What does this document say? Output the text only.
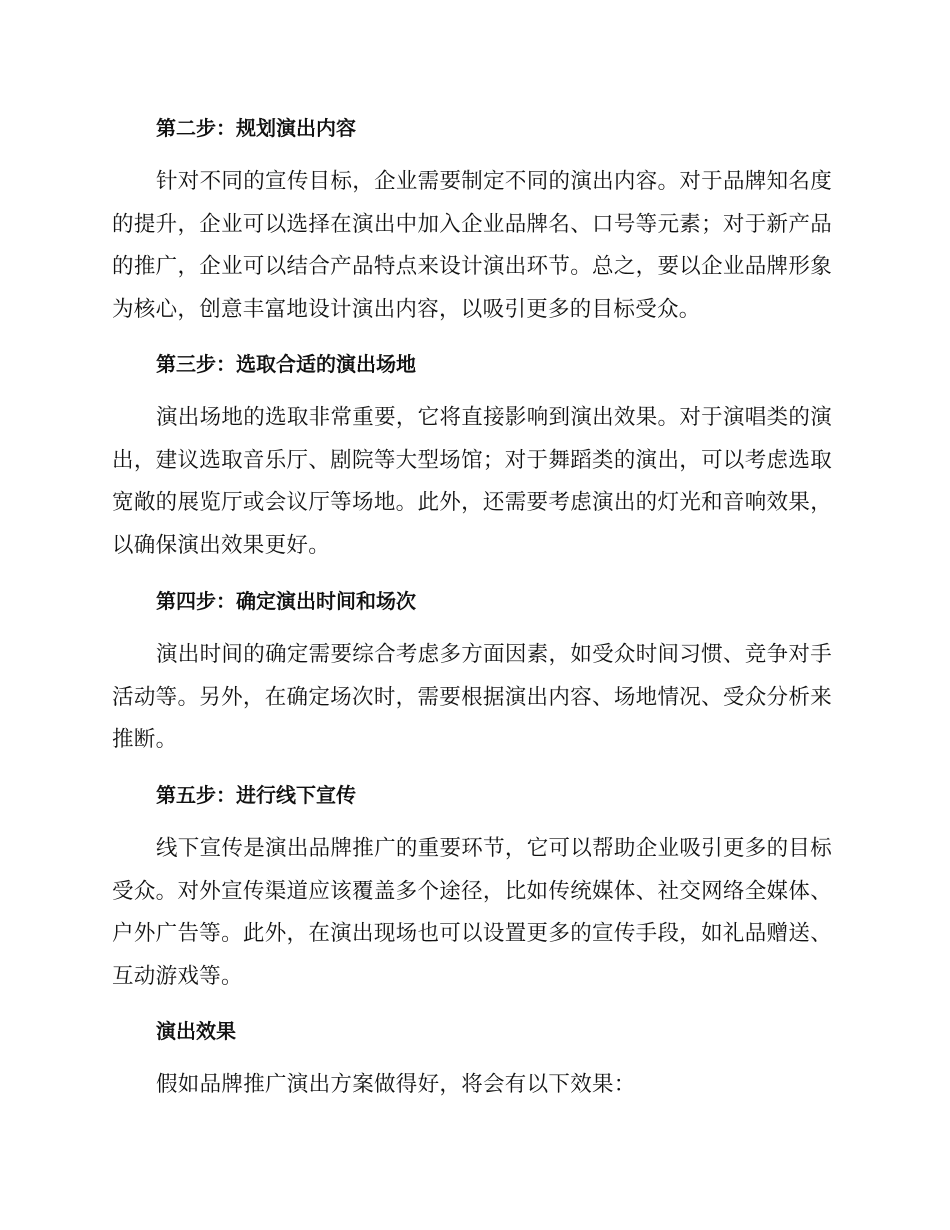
第二步：规划演出内容
针对不同的宣传目标，企业需要制定不同的演出内容。对于品牌知名度的提升，企业可以选择在演出中加入企业品牌名、口号等元素；对于新产品的推广，企业可以结合产品特点来设计演出环节。总之，要以企业品牌形象为核心，创意丰富地设计演出内容，以吸引更多的目标受众。
第三步：选取合适的演出场地
演出场地的选取非常重要，它将直接影响到演出效果。对于演唱类的演出，建议选取音乐厅、剧院等大型场馆；对于舞蹈类的演出，可以考虑选取宽敞的展览厅或会议厅等场地。此外，还需要考虑演出的灯光和音响效果，以确保演出效果更好。
第四步：确定演出时间和场次
演出时间的确定需要综合考虑多方面因素，如受众时间习惯、竞争对手活动等。另外，在确定场次时，需要根据演出内容、场地情况、受众分析来推断。
第五步：进行线下宣传
线下宣传是演出品牌推广的重要环节，它可以帮助企业吸引更多的目标受众。对外宣传渠道应该覆盖多个途径，比如传统媒体、社交网络全媒体、户外广告等。此外，在演出现场也可以设置更多的宣传手段，如礼品赠送、互动游戏等。
演出效果
假如品牌推广演出方案做得好，将会有以下效果：
